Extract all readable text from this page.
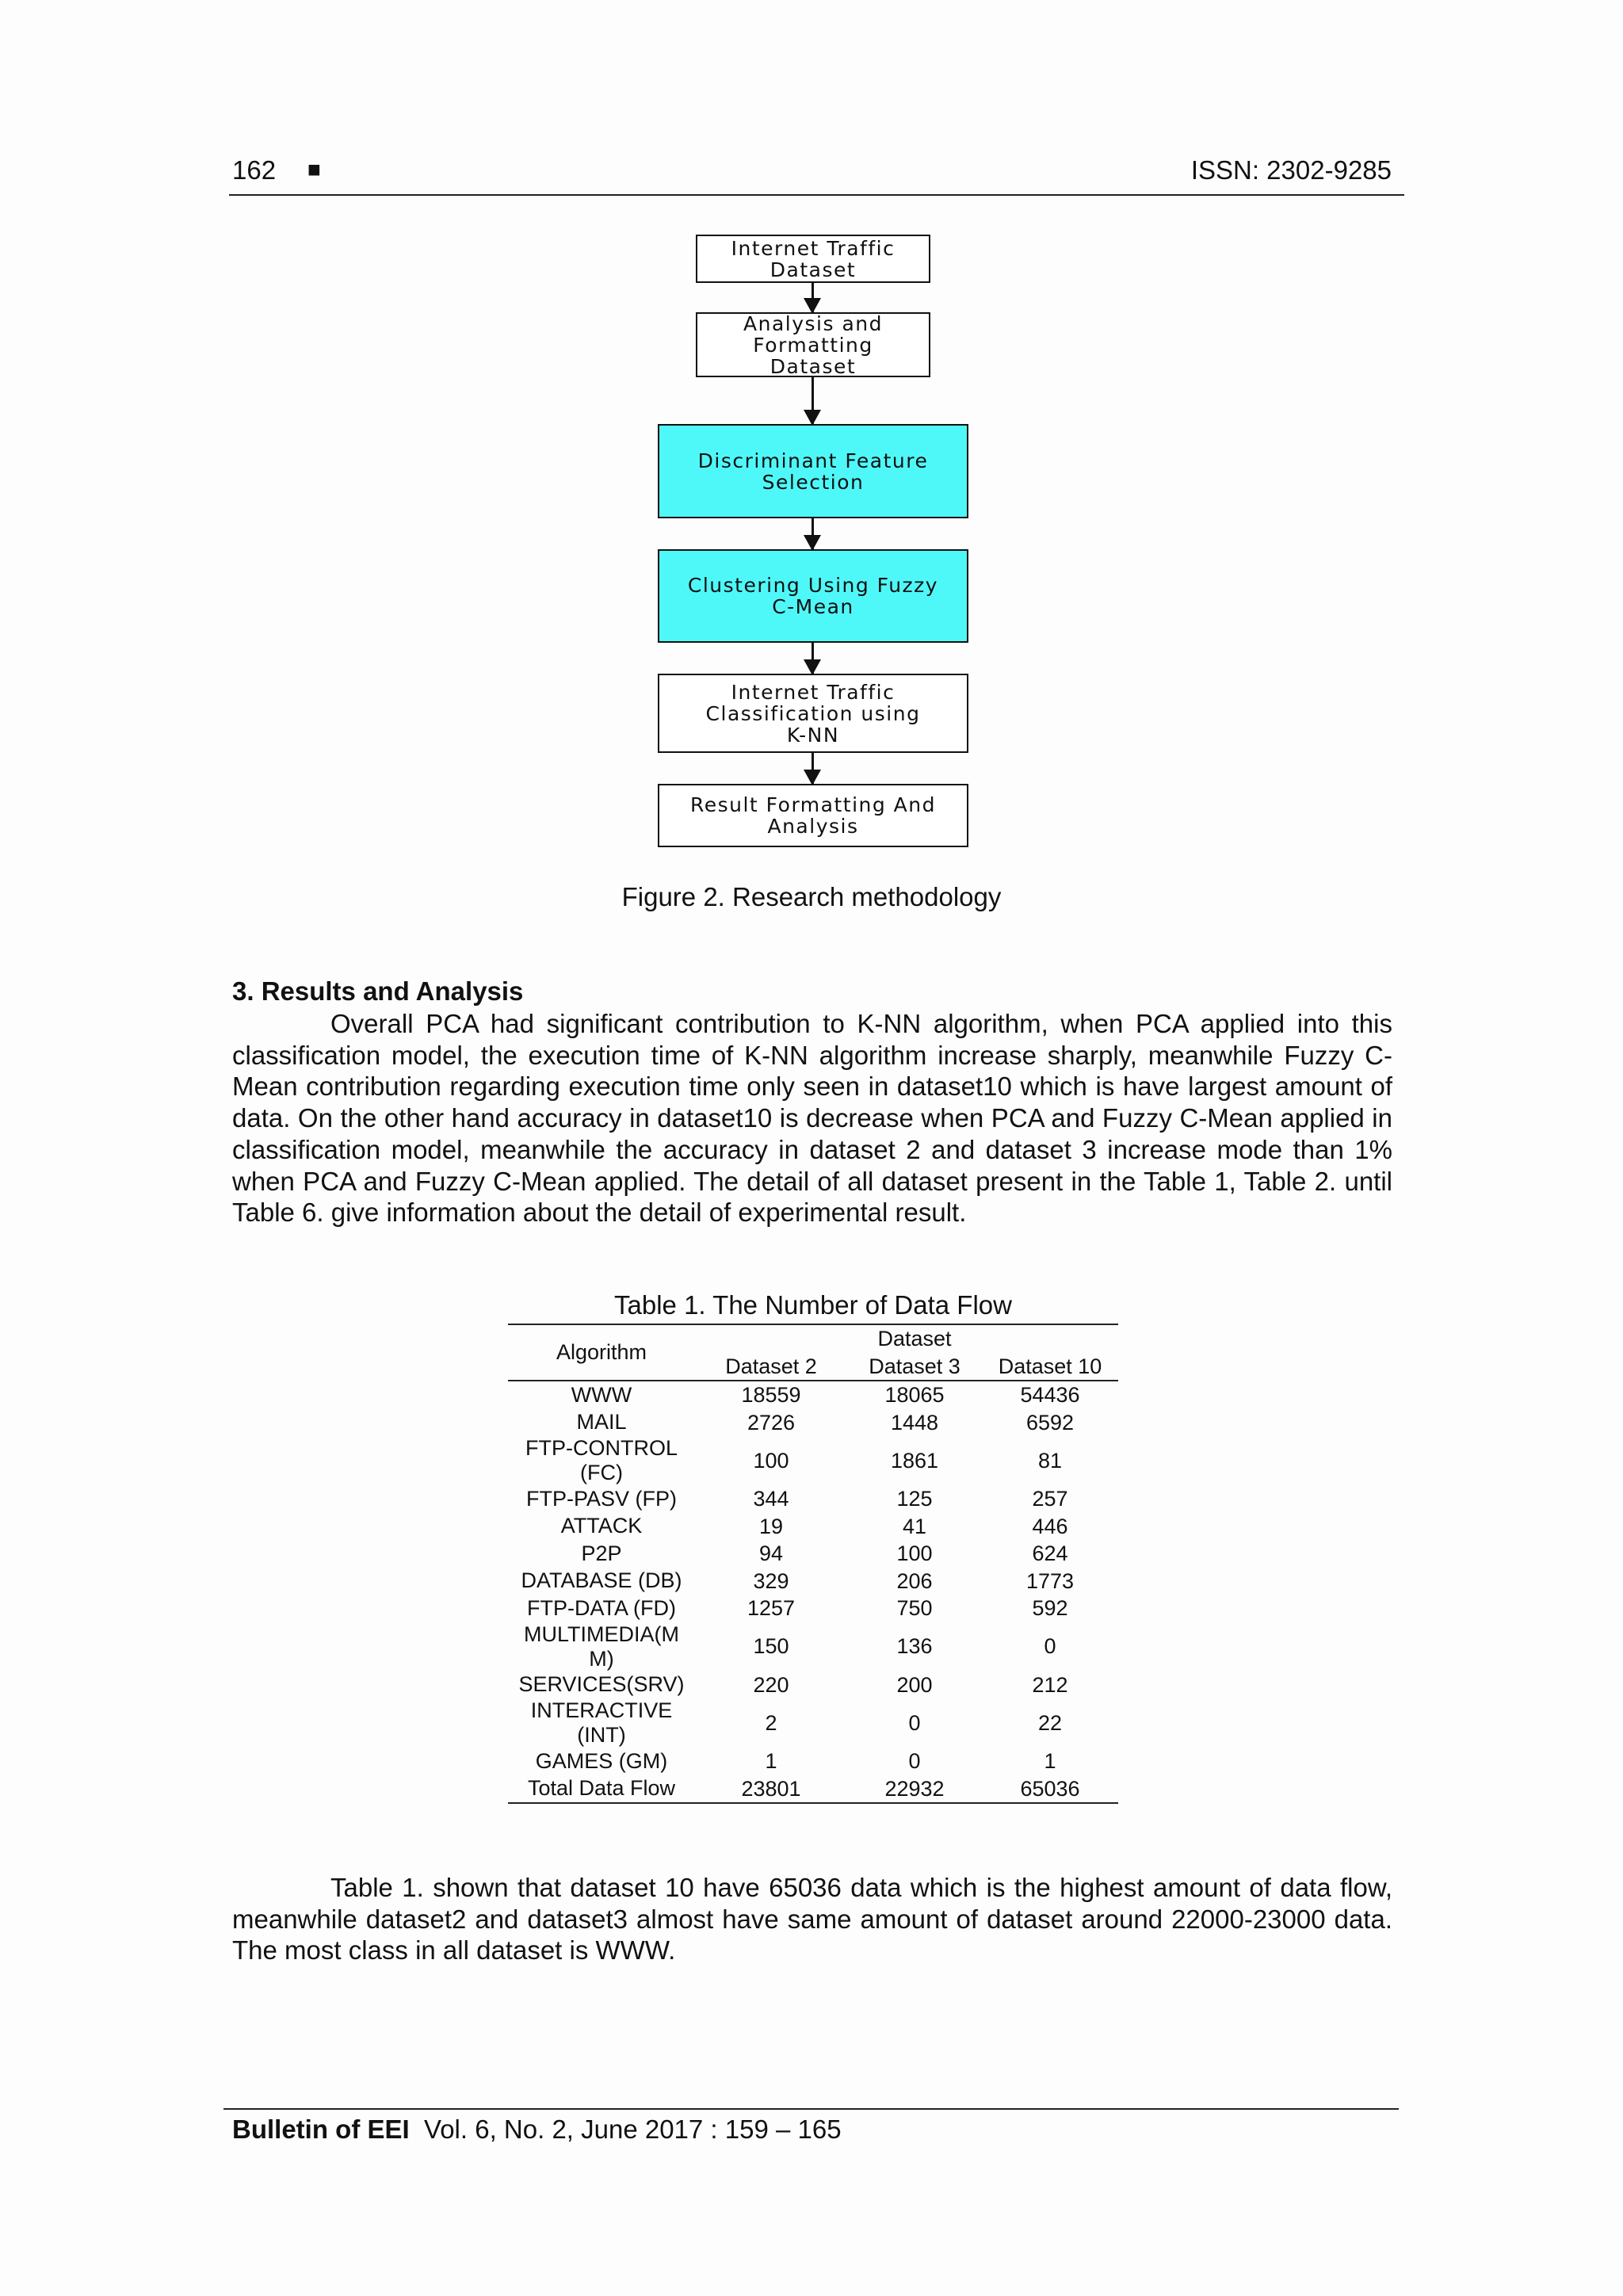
162 ■	ISSN: 2302-9285
Internet Traffic
Dataset
Analysis and
Formatting
Dataset
Discriminant Feature
Selection
Clustering Using Fuzzy
C-Mean
Internet Traffic
Classification using
K-NN
Result Formatting And
Analysis
Figure 2. Research methodology
3. Results and Analysis
Overall PCA had significant contribution to K-NN algorithm, when PCA applied into this classification model, the execution time of K-NN algorithm increase sharply, meanwhile Fuzzy C-Mean contribution regarding execution time only seen in dataset10 which is have largest amount of data. On the other hand accuracy in dataset10 is decrease when PCA and Fuzzy C-Mean applied in classification model, meanwhile the accuracy in dataset 2 and dataset 3 increase mode than 1% when PCA and Fuzzy C-Mean applied. The detail of all dataset present in the Table 1, Table 2. until Table 6. give information about the detail of experimental result.
Table 1. The Number of Data Flow
Algorithm		Dataset	
	Dataset 2	Dataset 3	Dataset 10
WWW	18559	18065	54436
MAIL	2726	1448	6592
FTP-CONTROL
(FC)	100	1861	81
FTP-PASV (FP)	344	125	257
ATTACK	19	41	446
P2P	94	100	624
DATABASE (DB)	329	206	1773
FTP-DATA (FD)	1257	750	592
MULTIMEDIA(M
M)	150	136	0
SERVICES(SRV)	220	200	212
INTERACTIVE
(INT)	2	0	22
GAMES (GM)	1	0	1
Total Data Flow	23801	22932	65036
Table 1. shown that dataset 10 have 65036 data which is the highest amount of data flow, meanwhile dataset2 and dataset3 almost have same amount of dataset around 22000-23000 data. The most class in all dataset is WWW.
Bulletin of EEI Vol. 6, No. 2, June 2017 : 159 – 165
